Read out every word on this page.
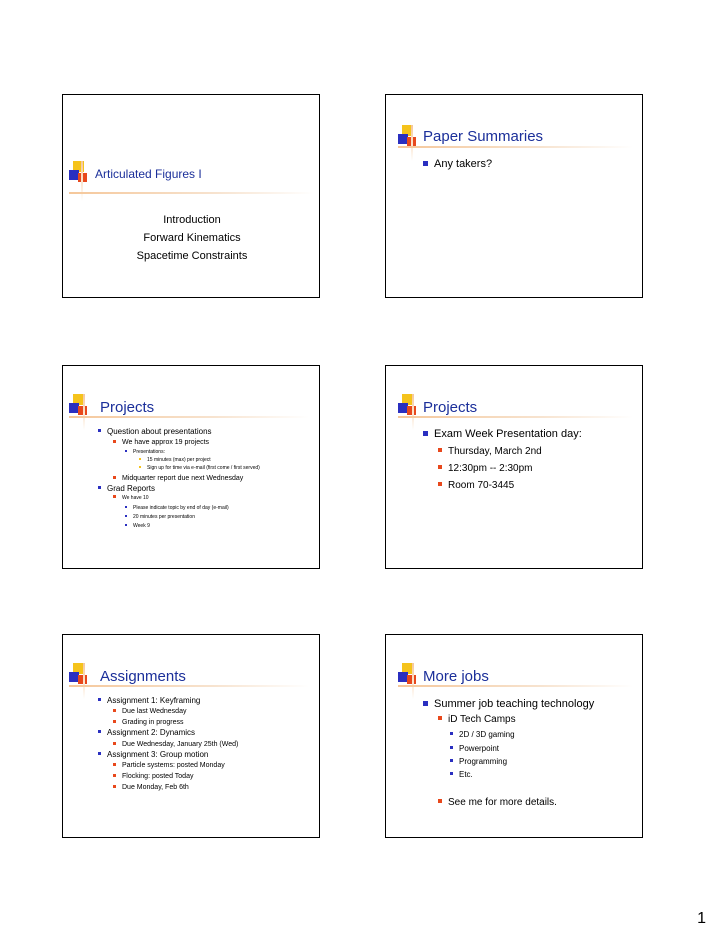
Articulated Figures I
Introduction
Forward Kinematics
Spacetime Constraints
Paper Summaries
Any takers?
Projects
Question about presentations
We have approx 19 projects
Presentations:
15 minutes (max) per project
Sign up for time via e-mail (first come / first served)
Midquarter report due next Wednesday
Grad Reports
We have 10
Please indicate topic by end of day (e-mail)
20 minutes per presentation
Week 9
Projects
Exam Week Presentation day:
Thursday, March 2nd
12:30pm -- 2:30pm
Room 70-3445
Assignments
Assignment 1: Keyframing
Due last Wednesday
Grading in progress
Assignment 2: Dynamics
Due Wednesday, January 25th (Wed)
Assignment 3: Group motion
Particle systems: posted Monday
Flocking: posted Today
Due Monday, Feb 6th
More jobs
Summer job teaching technology
iD Tech Camps
2D / 3D gaming
Powerpoint
Programming
Etc.
See me for more details.
1
